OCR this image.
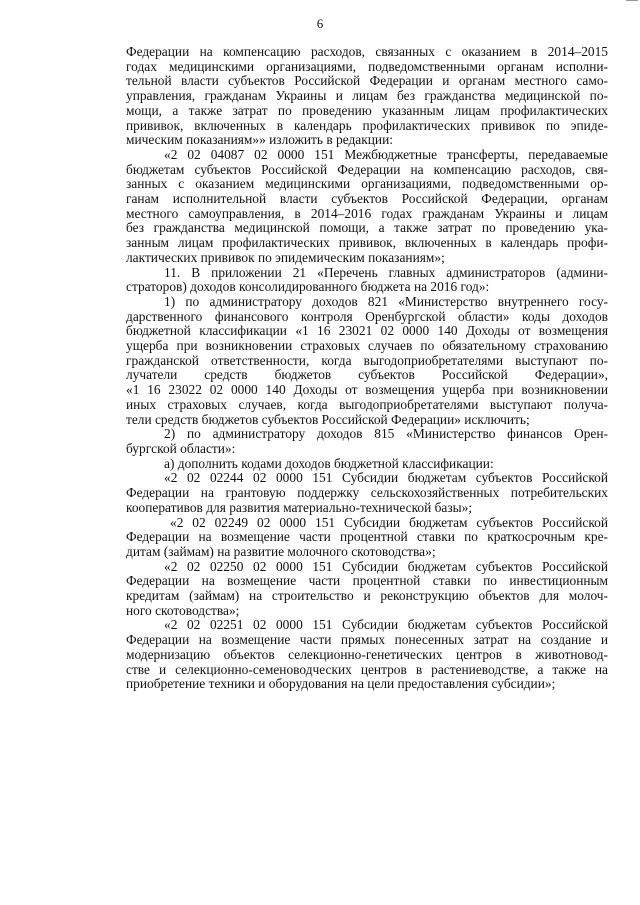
6
Федерации на компенсацию расходов, связанных с оказанием в 2014–2015
годах медицинскими организациями, подведомственными органам исполни-
тельной власти субъектов Российской Федерации и органам местного само-
управления, гражданам Украины и лицам без гражданства медицинской по-
мощи, а также затрат по проведению указанным лицам профилактических
прививок, включенных в календарь профилактических прививок по эпиде-
мическим показаниям»» изложить в редакции:
«2 02 04087 02 0000 151 Межбюджетные трансферты, передаваемые
бюджетам субъектов Российской Федерации на компенсацию расходов, свя-
занных с оказанием медицинскими организациями, подведомственными ор-
ганам исполнительной власти субъектов Российской Федерации, органам
местного самоуправления, в 2014–2016 годах гражданам Украины и лицам
без гражданства медицинской помощи, а также затрат по проведению ука-
занным лицам профилактических прививок, включенных в календарь профи-
лактических прививок по эпидемическим показаниям»;
11. В приложении 21 «Перечень главных администраторов (админи-
страторов) доходов консолидированного бюджета на 2016 год»:
1) по администратору доходов 821 «Министерство внутреннего госу-
дарственного финансового контроля Оренбургской области» коды доходов
бюджетной классификации «1 16 23021 02 0000 140 Доходы от возмещения
ущерба при возникновении страховых случаев по обязательному страхованию
гражданской ответственности, когда выгодоприобретателями выступают по-
лучатели средств бюджетов субъектов Российской Федерации»,
«1 16 23022 02 0000 140 Доходы от возмещения ущерба при возникновении
иных страховых случаев, когда выгодоприобретателями выступают получа-
тели средств бюджетов субъектов Российской Федерации» исключить;
2) по администратору доходов 815 «Министерство финансов Орен-
бургской области»:
а) дополнить кодами доходов бюджетной классификации:
«2 02 02244 02 0000 151 Субсидии бюджетам субъектов Российской
Федерации на грантовую поддержку сельскохозяйственных потребительских
кооперативов для развития материально-технической базы»;
«2 02 02249 02 0000 151 Субсидии бюджетам субъектов Российской
Федерации на возмещение части процентной ставки по краткосрочным кре-
дитам (займам) на развитие молочного скотоводства»;
«2 02 02250 02 0000 151 Субсидии бюджетам субъектов Российской
Федерации на возмещение части процентной ставки по инвестиционным
кредитам (займам) на строительство и реконструкцию объектов для молоч-
ного скотоводства»;
«2 02 02251 02 0000 151 Субсидии бюджетам субъектов Российской
Федерации на возмещение части прямых понесенных затрат на создание и
модернизацию объектов селекционно-генетических центров в животновод-
стве и селекционно-семеноводческих центров в растениеводстве, а также на
приобретение техники и оборудования на цели предоставления субсидии»;
